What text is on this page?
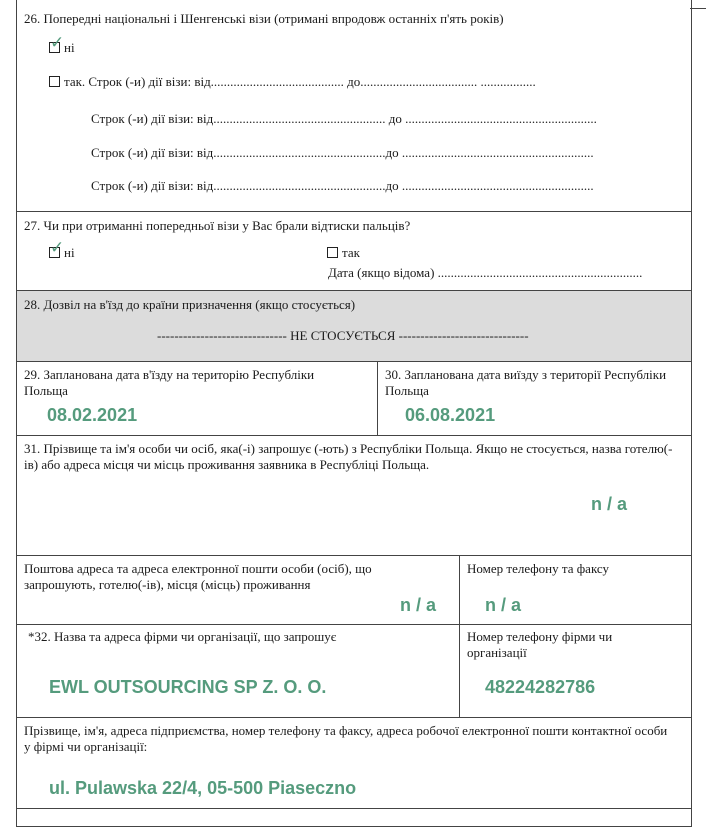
26. Попередні національні і Шенгенські візи (отримані впродовж останніх п'ять років)
✓ні
так. Строк (-и) дії візи: від......................................... до.................................... .................
Строк (-и) дії візи: від..................................................... до ...........................................................
Строк (-и) дії візи: від.....................................................до ...........................................................
Строк (-и) дії візи: від.....................................................до ...........................................................
27. Чи при отриманні попередньої візи у Вас брали відтиски пальців?
✓ні	так
Дата (якщо відома) ...............................................................
28. Дозвіл на в'їзд до країни призначення (якщо стосується)
------------------------------ НЕ СТОСУЄТЬСЯ ------------------------------
29. Запланована дата в'їзду на територію Республіки Польща
08.02.2021
30. Запланована дата виїзду з території Республіки Польща
06.08.2021
31. Прізвище та ім'я особи чи осіб, яка(-і) запрошує (-ють) з Республіки Польща. Якщо не стосується, назва готелю(-ів) або адреса місця чи місць проживання заявника в Республіці Польща.
n / a
Поштова адреса та адреса електронної пошти особи (осіб), що запрошують, готелю(-ів), місця (місць) проживання
n / a
Номер телефону та факсу
n / a
*32. Назва та адреса фірми чи організації, що запрошує
EWL OUTSOURCING SP Z. O. O.
Номер телефону фірми чи організації
48224282786
Прізвище, ім'я, адреса підприємства, номер телефону та факсу, адреса робочої електронної пошти контактної особи у фірмі чи організації:
ul. Pulawska 22/4, 05-500 Piaseczno
